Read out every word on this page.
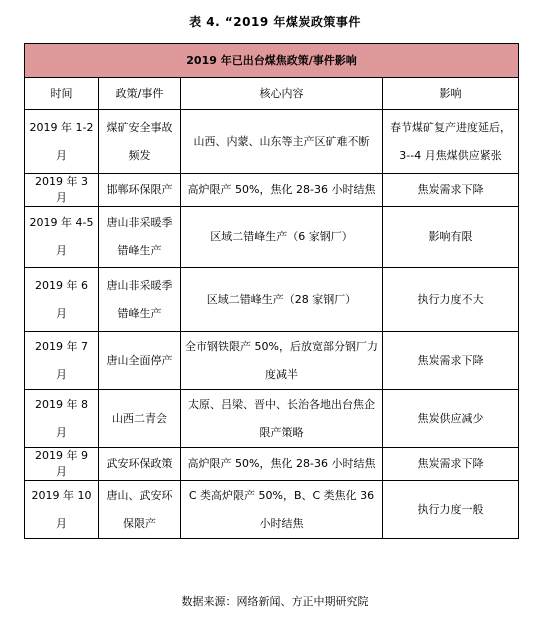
表 4. “2019 年煤炭政策事件
2019 年已出台煤焦政策/事件影响			
时间	政策/事件	核心内容	影响
2019 年 1-2 月	煤矿安全事故频发	山西、内蒙、山东等主产区矿难不断	春节煤矿复产进度延后，3--4 月焦煤供应紧张
2019 年 3 月	邯郸环保限产	高炉限产 50%，焦化 28-36 小时结焦	焦炭需求下降
2019 年 4-5 月	唐山非采暖季错峰生产	区域二错峰生产（6 家钢厂）	影响有限
2019 年 6 月	唐山非采暖季错峰生产	区域二错峰生产（28 家钢厂）	执行力度不大
2019 年 7 月	唐山全面停产	全市钢铁限产 50%，后放宽部分钢厂力度减半	焦炭需求下降
2019 年 8 月	山西二青会	太原、吕梁、晋中、长治各地出台焦企限产策略	焦炭供应减少
2019 年 9 月	武安环保政策	高炉限产 50%，焦化 28-36 小时结焦	焦炭需求下降
2019 年 10 月	唐山、武安环保限产	C 类高炉限产 50%，B、C 类焦化 36 小时结焦	执行力度一般
数据来源：网络新闻、方正中期研究院
